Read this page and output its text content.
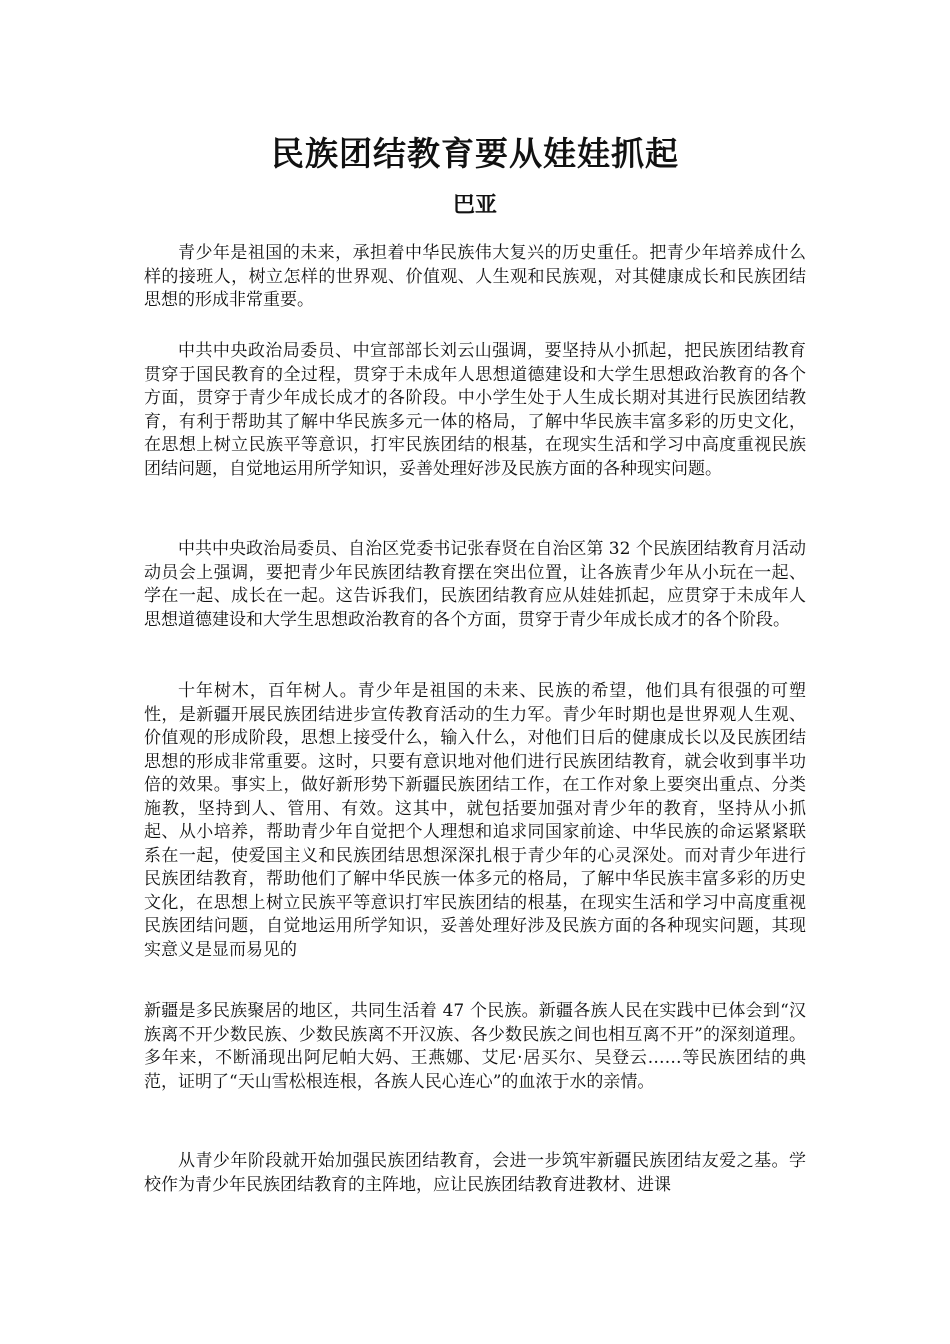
民族团结教育要从娃娃抓起
巴亚

青少年是祖国的未来，承担着中华民族伟大复兴的历史重任。把青少年培养成什么样的接班人，树立怎样的世界观、价值观、人生观和民族观，对其健康成长和民族团结思想的形成非常重要。

中共中央政治局委员、中宣部部长刘云山强调，要坚持从小抓起，把民族团结教育贯穿于国民教育的全过程，贯穿于未成年人思想道德建设和大学生思想政治教育的各个方面，贯穿于青少年成长成才的各阶段。中小学生处于人生成长期对其进行民族团结教育，有利于帮助其了解中华民族多元一体的格局，了解中华民族丰富多彩的历史文化，在思想上树立民族平等意识，打牢民族团结的根基，在现实生活和学习中高度重视民族团结问题，自觉地运用所学知识，妥善处理好涉及民族方面的各种现实问题。

中共中央政治局委员、自治区党委书记张春贤在自治区第 32 个民族团结教育月活动动员会上强调，要把青少年民族团结教育摆在突出位置，让各族青少年从小玩在一起、学在一起、成长在一起。这告诉我们，民族团结教育应从娃娃抓起，应贯穿于未成年人思想道德建设和大学生思想政治教育的各个方面，贯穿于青少年成长成才的各个阶段。

十年树木，百年树人。青少年是祖国的未来、民族的希望，他们具有很强的可塑性，是新疆开展民族团结进步宣传教育活动的生力军。青少年时期也是世界观人生观、价值观的形成阶段，思想上接受什么，输入什么，对他们日后的健康成长以及民族团结思想的形成非常重要。这时，只要有意识地对他们进行民族团结教育，就会收到事半功倍的效果。事实上，做好新形势下新疆民族团结工作，在工作对象上要突出重点、分类施教，坚持到人、管用、有效。这其中，就包括要加强对青少年的教育，坚持从小抓起、从小培养，帮助青少年自觉把个人理想和追求同国家前途、中华民族的命运紧紧联系在一起，使爱国主义和民族团结思想深深扎根于青少年的心灵深处。而对青少年进行民族团结教育，帮助他们了解中华民族一体多元的格局，了解中华民族丰富多彩的历史文化，在思想上树立民族平等意识打牢民族团结的根基，在现实生活和学习中高度重视民族团结问题，自觉地运用所学知识，妥善处理好涉及民族方面的各种现实问题，其现实意义是显而易见的

新疆是多民族聚居的地区，共同生活着 47 个民族。新疆各族人民在实践中已体会到“汉族离不开少数民族、少数民族离不开汉族、各少数民族之间也相互离不开”的深刻道理。多年来，不断涌现出阿尼帕大妈、王燕娜、艾尼·居买尔、吴登云……等民族团结的典范，证明了“天山雪松根连根，各族人民心连心”的血浓于水的亲情。

从青少年阶段就开始加强民族团结教育，会进一步筑牢新疆民族团结友爱之基。学校作为青少年民族团结教育的主阵地，应让民族团结教育进教材、进课
